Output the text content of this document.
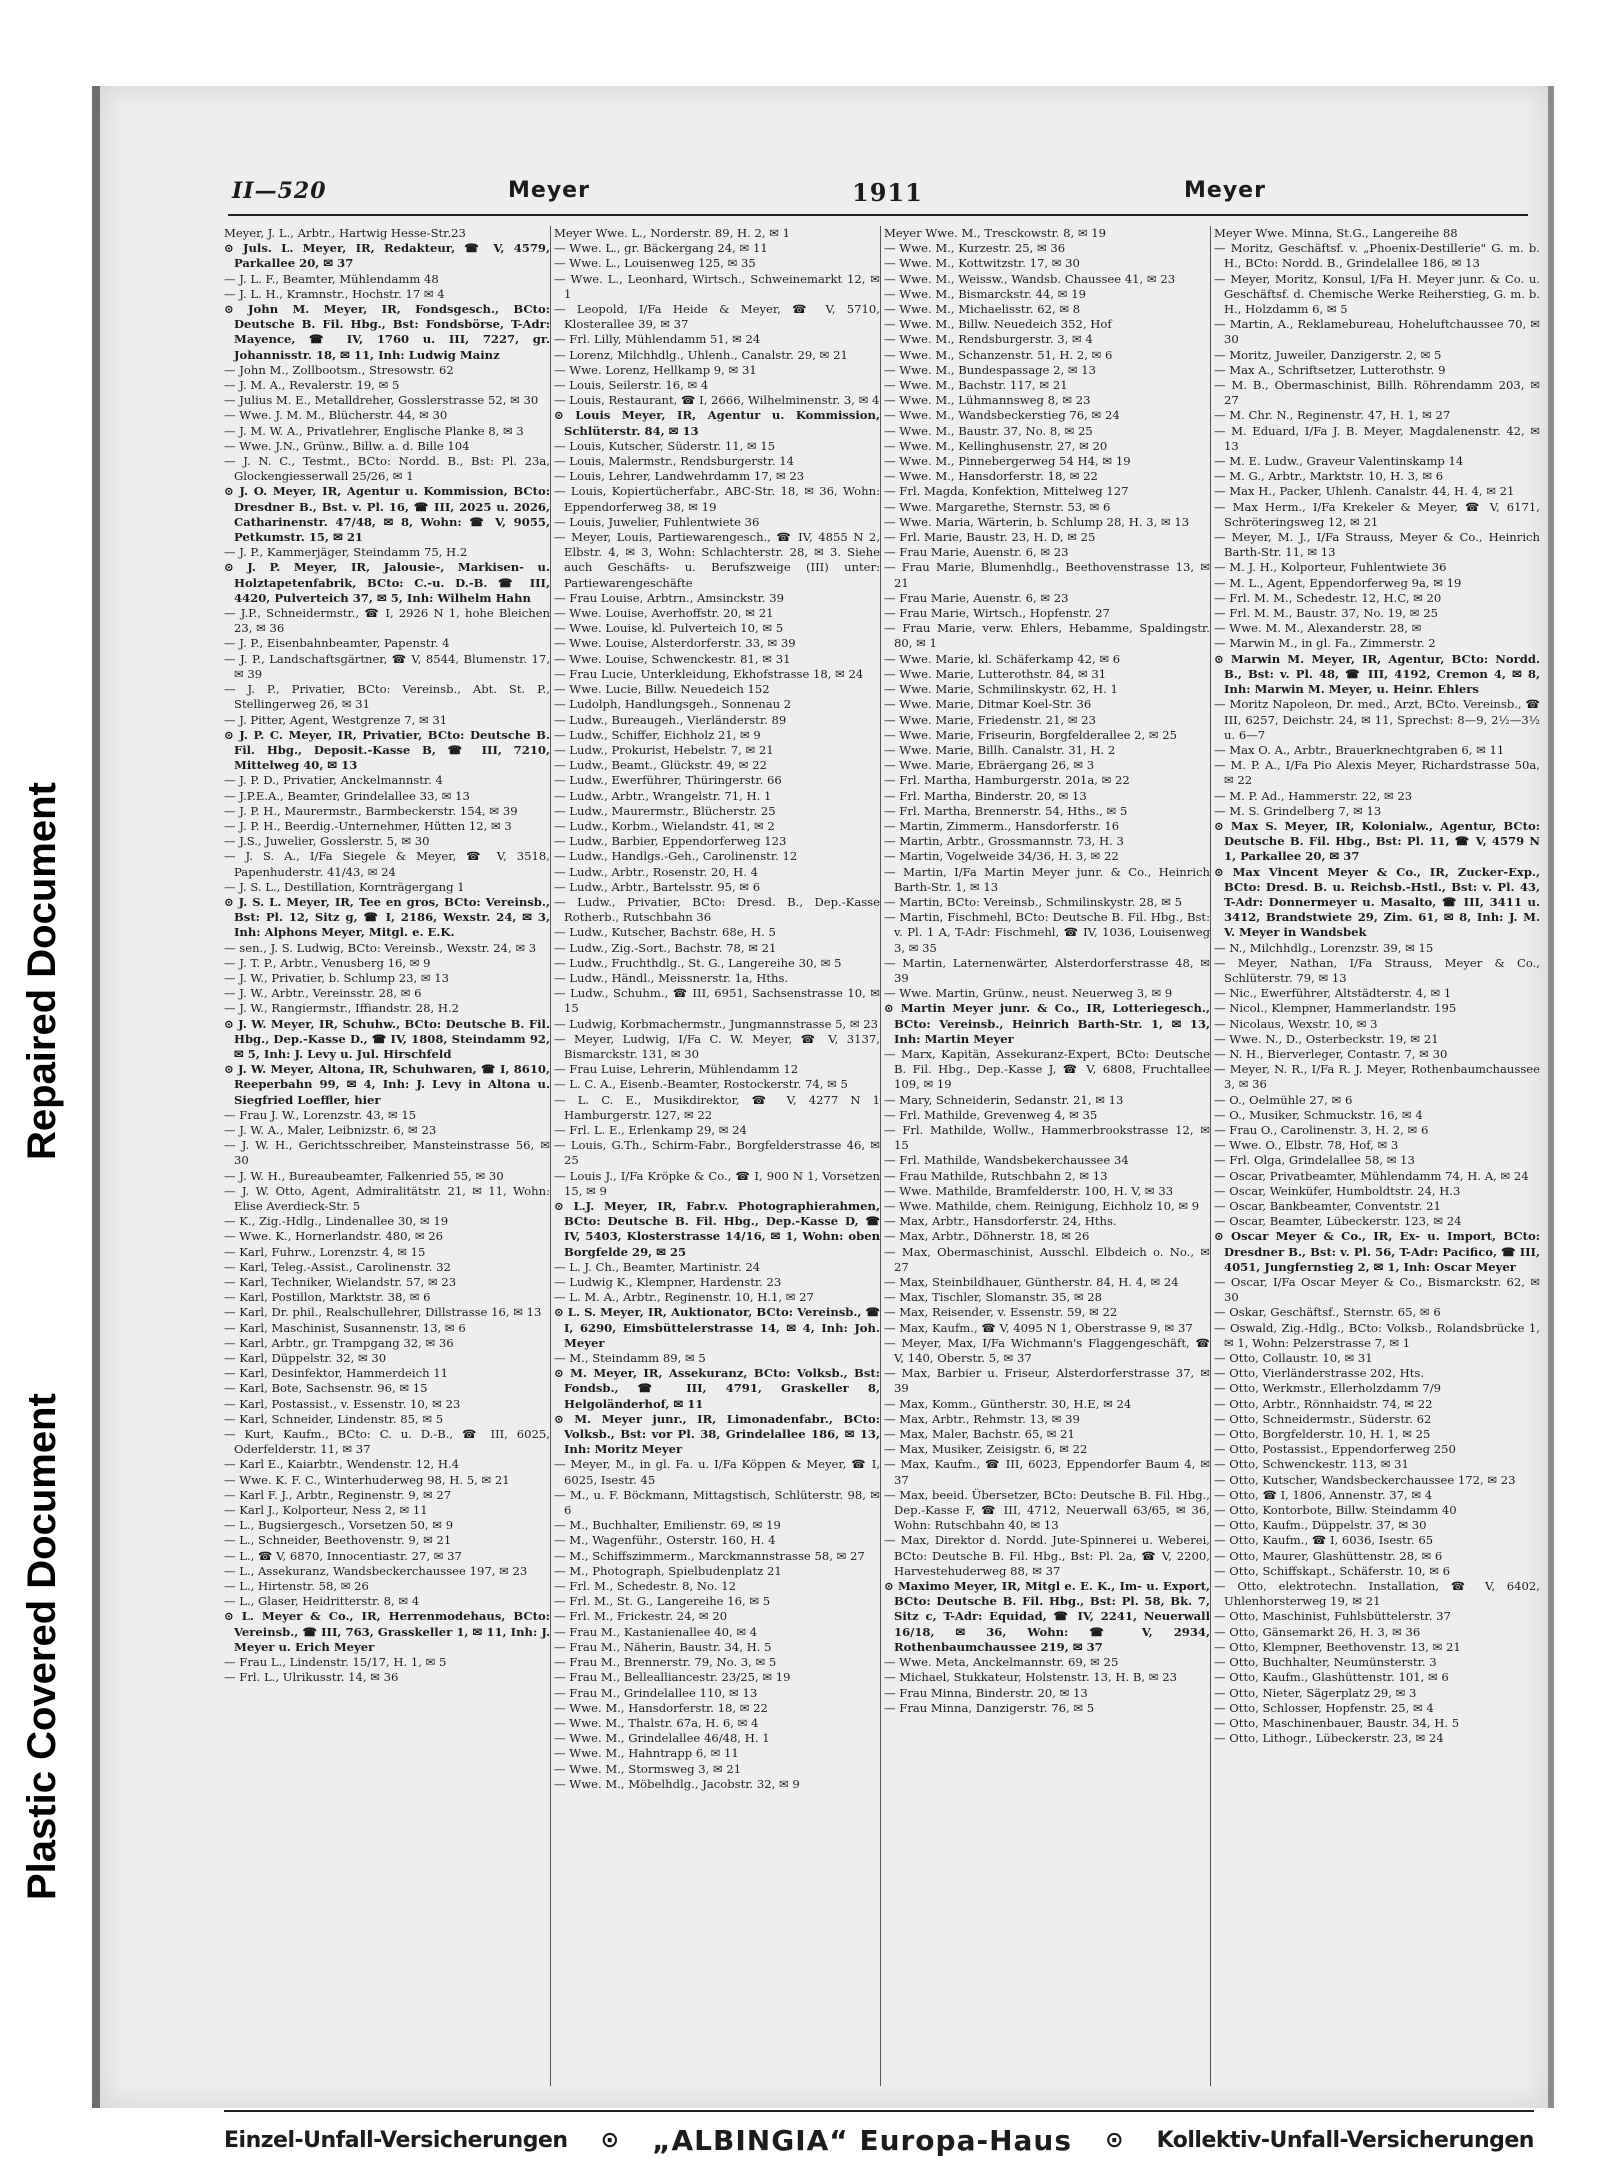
Repaired Document
Plastic Covered Document
II—520	Meyer	1911	Meyer

Meyer, J. L., Arbtr., Hartwig Hesse-Str.23

⊙ Juls. L. Meyer, IR, Redakteur, ☎ V, 4579, Parkallee 20, ✉ 37

— J. L. F., Beamter, Mühlendamm 48

— J. L. H., Kramnstr., Hochstr. 17 ✉ 4

⊙ John M. Meyer, IR, Fondsgesch., BCto: Deutsche B. Fil. Hbg., Bst: Fondsbörse, T-Adr: Mayence, ☎ IV, 1760 u. III, 7227, gr. Johannisstr. 18, ✉ 11, Inh: Ludwig Mainz

— John M., Zollbootsm., Stresowstr. 62

— J. M. A., Revalerstr. 19, ✉ 5

— Julius M. E., Metalldreher, Gosslerstrasse 52, ✉ 30

— Wwe. J. M. M., Blücherstr. 44, ✉ 30

— J. M. W. A., Privatlehrer, Englische Planke 8, ✉ 3

— Wwe. J.N., Grünw., Billw. a. d. Bille 104

— J. N. C., Testmt., BCto: Nordd. B., Bst: Pl. 23a, Glockengiesserwall 25/26, ✉ 1

⊙ J. O. Meyer, IR, Agentur u. Kommission, BCto: Dresdner B., Bst. v. Pl. 16, ☎ III, 2025 u. 2026, Catharinenstr. 47/48, ✉ 8, Wohn: ☎ V, 9055, Petkumstr. 15, ✉ 21

— J. P., Kammerjäger, Steindamm 75, H.2

⊙ J. P. Meyer, IR, Jalousie-, Markisen- u. Holztapetenfabrik, BCto: C.-u. D.-B. ☎ III, 4420, Pulverteich 37, ✉ 5, Inh: Wilhelm Hahn

— J.P., Schneidermstr., ☎ I, 2926 N 1, hohe Bleichen 23, ✉ 36

— J. P., Eisenbahnbeamter, Papenstr. 4

— J. P., Landschaftsgärtner, ☎ V, 8544, Blumenstr. 17, ✉ 39

— J. P., Privatier, BCto: Vereinsb., Abt. St. P., Stellingerweg 26, ✉ 31

— J. Pitter, Agent, Westgrenze 7, ✉ 31

⊙ J. P. C. Meyer, IR, Privatier, BCto: Deutsche B. Fil. Hbg., Deposit.-Kasse B, ☎ III, 7210, Mittelweg 40, ✉ 13

— J. P. D., Privatier, Anckelmannstr. 4

— J.P.E.A., Beamter, Grindelallee 33, ✉ 13

— J. P. H., Maurermstr., Barmbeckerstr. 154, ✉ 39

— J. P. H., Beerdig.-Unternehmer, Hütten 12, ✉ 3

— J.S., Juwelier, Gosslerstr. 5, ✉ 30

— J. S. A., I/Fa Siegele & Meyer, ☎ V, 3518, Papenhuderstr. 41/43, ✉ 24

— J. S. L., Destillation, Kornträgergang 1

⊙ J. S. L. Meyer, IR, Tee en gros, BCto: Vereinsb., Bst: Pl. 12, Sitz g, ☎ I, 2186, Wexstr. 24, ✉ 3, Inh: Alphons Meyer, Mitgl. e. E.K.

— sen., J. S. Ludwig, BCto: Vereinsb., Wexstr. 24, ✉ 3

— J. T. P., Arbtr., Venusberg 16, ✉ 9

— J. W., Privatier, b. Schlump 23, ✉ 13

— J. W., Arbtr., Vereinsstr. 28, ✉ 6

— J. W., Rangiermstr., Iffiandstr. 28, H.2

⊙ J. W. Meyer, IR, Schuhw., BCto: Deutsche B. Fil. Hbg., Dep.-Kasse D., ☎ IV, 1808, Steindamm 92, ✉ 5, Inh: J. Levy u. Jul. Hirschfeld

⊙ J. W. Meyer, Altona, IR, Schuhwaren, ☎ I, 8610, Reeperbahn 99, ✉ 4, Inh: J. Levy in Altona u. Siegfried Loeffler, hier

— Frau J. W., Lorenzstr. 43, ✉ 15

— J. W. A., Maler, Leibnizstr. 6, ✉ 23

— J. W. H., Gerichtsschreiber, Mansteinstrasse 56, ✉ 30

— J. W. H., Bureaubeamter, Falkenried 55, ✉ 30

— J. W. Otto, Agent, Admiralitätstr. 21, ✉ 11, Wohn: Elise Averdieck-Str. 5

— K., Zig.-Hdlg., Lindenallee 30, ✉ 19

— Wwe. K., Hornerlandstr. 480, ✉ 26

— Karl, Fuhrw., Lorenzstr. 4, ✉ 15

— Karl, Teleg.-Assist., Carolinenstr. 32

— Karl, Techniker, Wielandstr. 57, ✉ 23

— Karl, Postillon, Marktstr. 38, ✉ 6

— Karl, Dr. phil., Realschullehrer, Dillstrasse 16, ✉ 13

— Karl, Maschinist, Susannenstr. 13, ✉ 6

— Karl, Arbtr., gr. Trampgang 32, ✉ 36

— Karl, Düppelstr. 32, ✉ 30

— Karl, Desinfektor, Hammerdeich 11

— Karl, Bote, Sachsenstr. 96, ✉ 15

— Karl, Postassist., v. Essenstr. 10, ✉ 23

— Karl, Schneider, Lindenstr. 85, ✉ 5

— Kurt, Kaufm., BCto: C. u. D.-B., ☎ III, 6025, Oderfelderstr. 11, ✉ 37

— Karl E., Kaiarbtr., Wendenstr. 12, H.4

— Wwe. K. F. C., Winterhuderweg 98, H. 5, ✉ 21

— Karl F. J., Arbtr., Reginenstr. 9, ✉ 27

— Karl J., Kolporteur, Ness 2, ✉ 11

— L., Bugsiergesch., Vorsetzen 50, ✉ 9

— L., Schneider, Beethovenstr. 9, ✉ 21

— L., ☎ V, 6870, Innocentiastr. 27, ✉ 37

— L., Assekuranz, Wandsbeckerchaussee 197, ✉ 23

— L., Hirtenstr. 58, ✉ 26

— L., Glaser, Heidritterstr. 8, ✉ 4

⊙ L. Meyer & Co., IR, Herrenmodehaus, BCto: Vereinsb., ☎ III, 763, Grasskeller 1, ✉ 11, Inh: J. Meyer u. Erich Meyer

— Frau L., Lindenstr. 15/17, H. 1, ✉ 5

— Frl. L., Ulrikusstr. 14, ✉ 36

Meyer Wwe. L., Norderstr. 89, H. 2, ✉ 1

— Wwe. L., gr. Bäckergang 24, ✉ 11

— Wwe. L., Louisenweg 125, ✉ 35

— Wwe. L., Leonhard, Wirtsch., Schweinemarkt 12, ✉ 1

— Leopold, I/Fa Heide & Meyer, ☎ V, 5710, Klosterallee 39, ✉ 37

— Frl. Lilly, Mühlendamm 51, ✉ 24

— Lorenz, Milchhdlg., Uhlenh., Canalstr. 29, ✉ 21

— Wwe. Lorenz, Hellkamp 9, ✉ 31

— Louis, Seilerstr. 16, ✉ 4

— Louis, Restaurant, ☎ I, 2666, Wilhelminenstr. 3, ✉ 4

⊙ Louis Meyer, IR, Agentur u. Kommission, Schlüterstr. 84, ✉ 13

— Louis, Kutscher, Süderstr. 11, ✉ 15

— Louis, Malermstr., Rendsburgerstr. 14

— Louis, Lehrer, Landwehrdamm 17, ✉ 23

— Louis, Kopiertücherfabr., ABC-Str. 18, ✉ 36, Wohn: Eppendorferweg 38, ✉ 19

— Louis, Juwelier, Fuhlentwiete 36

— Meyer, Louis, Partiewarengesch., ☎ IV, 4855 N 2, Elbstr. 4, ✉ 3, Wohn: Schlachterstr. 28, ✉ 3. Siehe auch Geschäfts- u. Berufszweige (III) unter: Partiewarengeschäfte

— Frau Louise, Arbtrn., Amsinckstr. 39

— Wwe. Louise, Averhoffstr. 20, ✉ 21

— Wwe. Louise, kl. Pulverteich 10, ✉ 5

— Wwe. Louise, Alsterdorferstr. 33, ✉ 39

— Wwe. Louise, Schwenckestr. 81, ✉ 31

— Frau Lucie, Unterkleidung, Ekhofstrasse 18, ✉ 24

— Wwe. Lucie, Billw. Neuedeich 152

— Ludolph, Handlungsgeh., Sonnenau 2

— Ludw., Bureaugeh., Vierländerstr. 89

— Ludw., Schiffer, Eichholz 21, ✉ 9

— Ludw., Prokurist, Hebelstr. 7, ✉ 21

— Ludw., Beamt., Glückstr. 49, ✉ 22

— Ludw., Ewerführer, Thüringerstr. 66

— Ludw., Arbtr., Wrangelstr. 71, H. 1

— Ludw., Maurermstr., Blücherstr. 25

— Ludw., Korbm., Wielandstr. 41, ✉ 2

— Ludw., Barbier, Eppendorferweg 123

— Ludw., Handlgs.-Geh., Carolinenstr. 12

— Ludw., Arbtr., Rosenstr. 20, H. 4

— Ludw., Arbtr., Bartelsstr. 95, ✉ 6

— Ludw., Privatier, BCto: Dresd. B., Dep.-Kasse Rotherb., Rutschbahn 36

— Ludw., Kutscher, Bachstr. 68e, H. 5

— Ludw., Zig.-Sort., Bachstr. 78, ✉ 21

— Ludw., Fruchthdlg., St. G., Langereihe 30, ✉ 5

— Ludw., Händl., Meissnerstr. 1a, Hths.

— Ludw., Schuhm., ☎ III, 6951, Sachsenstrasse 10, ✉ 15

— Ludwig, Korbmachermstr., Jungmannstrasse 5, ✉ 23

— Meyer, Ludwig, I/Fa C. W. Meyer, ☎ V, 3137, Bismarckstr. 131, ✉ 30

— Frau Luise, Lehrerin, Mühlendamm 12

— L. C. A., Eisenb.-Beamter, Rostockerstr. 74, ✉ 5

— L. C. E., Musikdirektor, ☎ V, 4277 N 1 Hamburgerstr. 127, ✉ 22

— Frl. L. E., Erlenkamp 29, ✉ 24

— Louis, G.Th., Schirm-Fabr., Borgfelderstrasse 46, ✉ 25

— Louis J., I/Fa Kröpke & Co., ☎ I, 900 N 1, Vorsetzen 15, ✉ 9

⊙ L.J. Meyer, IR, Fabr.v. Photographierahmen, BCto: Deutsche B. Fil. Hbg., Dep.-Kasse D, ☎ IV, 5403, Klosterstrasse 14/16, ✉ 1, Wohn: oben Borgfelde 29, ✉ 25

— L. J. Ch., Beamter, Martinistr. 24

— Ludwig K., Klempner, Hardenstr. 23

— L. M. A., Arbtr., Reginenstr. 10, H.1, ✉ 27

⊙ L. S. Meyer, IR, Auktionator, BCto: Vereinsb., ☎ I, 6290, Eimsbüttelerstrasse 14, ✉ 4, Inh: Joh. Meyer

— M., Steindamm 89, ✉ 5

⊙ M. Meyer, IR, Assekuranz, BCto: Volksb., Bst: Fondsb., ☎ III, 4791, Graskeller 8, Helgoländerhof, ✉ 11

⊙ M. Meyer junr., IR, Limonadenfabr., BCto: Volksb., Bst: vor Pl. 38, Grindelallee 186, ✉ 13, Inh: Moritz Meyer

— Meyer, M., in gl. Fa. u. I/Fa Köppen & Meyer, ☎ I, 6025, Isestr. 45

— M., u. F. Böckmann, Mittagstisch, Schlüterstr. 98, ✉ 6

— M., Buchhalter, Emilienstr. 69, ✉ 19

— M., Wagenführ., Osterstr. 160, H. 4

— M., Schiffszimmerm., Marckmannstrasse 58, ✉ 27

— M., Photograph, Spielbudenplatz 21

— Frl. M., Schedestr. 8, No. 12

— Frl. M., St. G., Langereihe 16, ✉ 5

— Frl. M., Frickestr. 24, ✉ 20

— Frau M., Kastanienallee 40, ✉ 4

— Frau M., Näherin, Baustr. 34, H. 5

— Frau M., Brennerstr. 79, No. 3, ✉ 5

— Frau M., Bellealliancestr. 23/25, ✉ 19

— Frau M., Grindelallee 110, ✉ 13

— Wwe. M., Hansdorferstr. 18, ✉ 22

— Wwe. M., Thalstr. 67a, H. 6, ✉ 4

— Wwe. M., Grindelallee 46/48, H. 1

— Wwe. M., Hahntrapp 6, ✉ 11

— Wwe. M., Stormsweg 3, ✉ 21

— Wwe. M., Möbelhdlg., Jacobstr. 32, ✉ 9

Meyer Wwe. M., Tresckowstr. 8, ✉ 19

— Wwe. M., Kurzestr. 25, ✉ 36

— Wwe. M., Kottwitzstr. 17, ✉ 30

— Wwe. M., Weissw., Wandsb. Chaussee 41, ✉ 23

— Wwe. M., Bismarckstr. 44, ✉ 19

— Wwe. M., Michaelisstr. 62, ✉ 8

— Wwe. M., Billw. Neuedeich 352, Hof

— Wwe. M., Rendsburgerstr. 3, ✉ 4

— Wwe. M., Schanzenstr. 51, H. 2, ✉ 6

— Wwe. M., Bundespassage 2, ✉ 13

— Wwe. M., Bachstr. 117, ✉ 21

— Wwe. M., Lühmannsweg 8, ✉ 23

— Wwe. M., Wandsbeckerstieg 76, ✉ 24

— Wwe. M., Baustr. 37, No. 8, ✉ 25

— Wwe. M., Kellinghusenstr. 27, ✉ 20

— Wwe. M., Pinnebergerweg 54 H4, ✉ 19

— Wwe. M., Hansdorferstr. 18, ✉ 22

— Frl. Magda, Konfektion, Mittelweg 127

— Wwe. Margarethe, Sternstr. 53, ✉ 6

— Wwe. Maria, Wärterin, b. Schlump 28, H. 3, ✉ 13

— Frl. Marie, Baustr. 23, H. D, ✉ 25

— Frau Marie, Auenstr. 6, ✉ 23

— Frau Marie, Blumenhdlg., Beethovenstrasse 13, ✉ 21

— Frau Marie, Auenstr. 6, ✉ 23

— Frau Marie, Wirtsch., Hopfenstr. 27

— Frau Marie, verw. Ehlers, Hebamme, Spaldingstr. 80, ✉ 1

— Wwe. Marie, kl. Schäferkamp 42, ✉ 6

— Wwe. Marie, Lutterothstr. 84, ✉ 31

— Wwe. Marie, Schmilinskystr. 62, H. 1

— Wwe. Marie, Ditmar Koel-Str. 36

— Wwe. Marie, Friedenstr. 21, ✉ 23

— Wwe. Marie, Friseurin, Borgfelderallee 2, ✉ 25

— Wwe. Marie, Billh. Canalstr. 31, H. 2

— Wwe. Marie, Ebräergang 26, ✉ 3

— Frl. Martha, Hamburgerstr. 201a, ✉ 22

— Frl. Martha, Binderstr. 20, ✉ 13

— Frl. Martha, Brennerstr. 54, Hths., ✉ 5

— Martin, Zimmerm., Hansdorferstr. 16

— Martin, Arbtr., Grossmannstr. 73, H. 3

— Martin, Vogelweide 34/36, H. 3, ✉ 22

— Martin, I/Fa Martin Meyer junr. & Co., Heinrich Barth-Str. 1, ✉ 13

— Martin, BCto: Vereinsb., Schmilinskystr. 28, ✉ 5

— Martin, Fischmehl, BCto: Deutsche B. Fil. Hbg., Bst: v. Pl. 1 A, T-Adr: Fischmehl, ☎ IV, 1036, Louisenweg 3, ✉ 35

— Martin, Laternenwärter, Alsterdorferstrasse 48, ✉ 39

— Wwe. Martin, Grünw., neust. Neuerweg 3, ✉ 9

⊙ Martin Meyer junr. & Co., IR, Lotteriegesch., BCto: Vereinsb., Heinrich Barth-Str. 1, ✉ 13, Inh: Martin Meyer

— Marx, Kapitän, Assekuranz-Expert, BCto: Deutsche B. Fil. Hbg., Dep.-Kasse J, ☎ V, 6808, Fruchtallee 109, ✉ 19

— Mary, Schneiderin, Sedanstr. 21, ✉ 13

— Frl. Mathilde, Grevenweg 4, ✉ 35

— Frl. Mathilde, Wollw., Hammerbrookstrasse 12, ✉ 15

— Frl. Mathilde, Wandsbekerchaussee 34

— Frau Mathilde, Rutschbahn 2, ✉ 13

— Wwe. Mathilde, Bramfelderstr. 100, H. V, ✉ 33

— Wwe. Mathilde, chem. Reinigung, Eichholz 10, ✉ 9

— Max, Arbtr., Hansdorferstr. 24, Hths.

— Max, Arbtr., Döhnerstr. 18, ✉ 26

— Max, Obermaschinist, Ausschl. Elbdeich o. No., ✉ 27

— Max, Steinbildhauer, Güntherstr. 84, H. 4, ✉ 24

— Max, Tischler, Slomanstr. 35, ✉ 28

— Max, Reisender, v. Essenstr. 59, ✉ 22

— Max, Kaufm., ☎ V, 4095 N 1, Oberstrasse 9, ✉ 37

— Meyer, Max, I/Fa Wichmann's Flaggengeschäft, ☎ V, 140, Oberstr. 5, ✉ 37

— Max, Barbier u. Friseur, Alsterdorferstrasse 37, ✉ 39

— Max, Komm., Güntherstr. 30, H.E, ✉ 24

— Max, Arbtr., Rehmstr. 13, ✉ 39

— Max, Maler, Bachstr. 65, ✉ 21

— Max, Musiker, Zeisigstr. 6, ✉ 22

— Max, Kaufm., ☎ III, 6023, Eppendorfer Baum 4, ✉ 37

— Max, beeid. Übersetzer, BCto: Deutsche B. Fil. Hbg., Dep.-Kasse F, ☎ III, 4712, Neuerwall 63/65, ✉ 36, Wohn: Rutschbahn 40, ✉ 13

— Max, Direktor d. Nordd. Jute-Spinnerei u. Weberei, BCto: Deutsche B. Fil. Hbg., Bst: Pl. 2a, ☎ V, 2200, Harvestehuderweg 88, ✉ 37

⊙ Maximo Meyer, IR, Mitgl e. E. K., Im- u. Export, BCto: Deutsche B. Fil. Hbg., Bst: Pl. 58, Bk. 7, Sitz c, T-Adr: Equidad, ☎ IV, 2241, Neuerwall 16/18, ✉ 36, Wohn: ☎ V, 2934, Rothenbaumchaussee 219, ✉ 37

— Wwe. Meta, Anckelmannstr. 69, ✉ 25

— Michael, Stukkateur, Holstenstr. 13, H. B, ✉ 23

— Frau Minna, Binderstr. 20, ✉ 13

— Frau Minna, Danzigerstr. 76, ✉ 5

Meyer Wwe. Minna, St.G., Langereihe 88

— Moritz, Geschäftsf. v. „Phoenix-Destillerie" G. m. b. H., BCto: Nordd. B., Grindelallee 186, ✉ 13

— Meyer, Moritz, Konsul, I/Fa H. Meyer junr. & Co. u. Geschäftsf. d. Chemische Werke Reiherstieg, G. m. b. H., Holzdamm 6, ✉ 5

— Martin, A., Reklamebureau, Hoheluftchaussee 70, ✉ 30

— Moritz, Juweiler, Danzigerstr. 2, ✉ 5

— Max A., Schriftsetzer, Lutterothstr. 9

— M. B., Obermaschinist, Billh. Röhrendamm 203, ✉ 27

— M. Chr. N., Reginenstr. 47, H. 1, ✉ 27

— M. Eduard, I/Fa J. B. Meyer, Magdalenenstr. 42, ✉ 13

— M. E. Ludw., Graveur Valentinskamp 14

— M. G., Arbtr., Marktstr. 10, H. 3, ✉ 6

— Max H., Packer, Uhlenh. Canalstr. 44, H. 4, ✉ 21

— Max Herm., I/Fa Krekeler & Meyer, ☎ V, 6171, Schröteringsweg 12, ✉ 21

— Meyer, M. J., I/Fa Strauss, Meyer & Co., Heinrich Barth-Str. 11, ✉ 13

— M. J. H., Kolporteur, Fuhlentwiete 36

— M. L., Agent, Eppendorferweg 9a, ✉ 19

— Frl. M. M., Schedestr. 12, H.C, ✉ 20

— Frl. M. M., Baustr. 37, No. 19, ✉ 25

— Wwe. M. M., Alexanderstr. 28, ✉

— Marwin M., in gl. Fa., Zimmerstr. 2

⊙ Marwin M. Meyer, IR, Agentur, BCto: Nordd. B., Bst: v. Pl. 48, ☎ III, 4192, Cremon 4, ✉ 8, Inh: Marwin M. Meyer, u. Heinr. Ehlers

— Moritz Napoleon, Dr. med., Arzt, BCto. Vereinsb., ☎ III, 6257, Deichstr. 24, ✉ 11, Sprechst: 8—9, 2½—3½ u. 6—7

— Max O. A., Arbtr., Brauerknechtgraben 6, ✉ 11

— M. P. A., I/Fa Pio Alexis Meyer, Richardstrasse 50a, ✉ 22

— M. P. Ad., Hammerstr. 22, ✉ 23

— M. S. Grindelberg 7, ✉ 13

⊙ Max S. Meyer, IR, Kolonialw., Agentur, BCto: Deutsche B. Fil. Hbg., Bst: Pl. 11, ☎ V, 4579 N 1, Parkallee 20, ✉ 37

⊙ Max Vincent Meyer & Co., IR, Zucker-Exp., BCto: Dresd. B. u. Reichsb.-Hstl., Bst: v. Pl. 43, T-Adr: Donnermeyer u. Masalto, ☎ III, 3411 u. 3412, Brandstwiete 29, Zim. 61, ✉ 8, Inh: J. M. V. Meyer in Wandsbek

— N., Milchhdlg., Lorenzstr. 39, ✉ 15

— Meyer, Nathan, I/Fa Strauss, Meyer & Co., Schlüterstr. 79, ✉ 13

— Nic., Ewerführer, Altstädterstr. 4, ✉ 1

— Nicol., Klempner, Hammerlandstr. 195

— Nicolaus, Wexstr. 10, ✉ 3

— Wwe. N., D., Osterbeckstr. 19, ✉ 21

— N. H., Bierverleger, Contastr. 7, ✉ 30

— Meyer, N. R., I/Fa R. J. Meyer, Rothenbaumchaussee 3, ✉ 36

— O., Oelmühle 27, ✉ 6

— O., Musiker, Schmuckstr. 16, ✉ 4

— Frau O., Carolinenstr. 3, H. 2, ✉ 6

— Wwe. O., Elbstr. 78, Hof, ✉ 3

— Frl. Olga, Grindelallee 58, ✉ 13

— Oscar, Privatbeamter, Mühlendamm 74, H. A, ✉ 24

— Oscar, Weinküfer, Humboldtstr. 24, H.3

— Oscar, Bankbeamter, Conventstr. 21

— Oscar, Beamter, Lübeckerstr. 123, ✉ 24

⊙ Oscar Meyer & Co., IR, Ex- u. Import, BCto: Dresdner B., Bst: v. Pl. 56, T-Adr: Pacifico, ☎ III, 4051, Jungfernstieg 2, ✉ 1, Inh: Oscar Meyer

— Oscar, I/Fa Oscar Meyer & Co., Bismarckstr. 62, ✉ 30

— Oskar, Geschäftsf., Sternstr. 65, ✉ 6

— Oswald, Zig.-Hdlg., BCto: Volksb., Rolandsbrücke 1, ✉ 1, Wohn: Pelzerstrasse 7, ✉ 1

— Otto, Collaustr. 10, ✉ 31

— Otto, Vierländerstrasse 202, Hts.

— Otto, Werkmstr., Ellerholzdamm 7/9

— Otto, Arbtr., Rönnhaidstr. 74, ✉ 22

— Otto, Schneidermstr., Süderstr. 62

— Otto, Borgfelderstr. 10, H. 1, ✉ 25

— Otto, Postassist., Eppendorferweg 250

— Otto, Schwenckestr. 113, ✉ 31

— Otto, Kutscher, Wandsbeckerchaussee 172, ✉ 23

— Otto, ☎ I, 1806, Annenstr. 37, ✉ 4

— Otto, Kontorbote, Billw. Steindamm 40

— Otto, Kaufm., Düppelstr. 37, ✉ 30

— Otto, Kaufm., ☎ I, 6036, Isestr. 65

— Otto, Maurer, Glashüttenstr. 28, ✉ 6

— Otto, Schiffskapt., Schäferstr. 10, ✉ 6

— Otto, elektrotechn. Installation, ☎ V, 6402, Uhlenhorsterweg 19, ✉ 21

— Otto, Maschinist, Fuhlsbüttelerstr. 37

— Otto, Gänsemarkt 26, H. 3, ✉ 36

— Otto, Klempner, Beethovenstr. 13, ✉ 21

— Otto, Buchhalter, Neumünsterstr. 3

— Otto, Kaufm., Glashüttenstr. 101, ✉ 6

— Otto, Nieter, Sägerplatz 29, ✉ 3

— Otto, Schlosser, Hopfenstr. 25, ✉ 4

— Otto, Maschinenbauer, Baustr. 34, H. 5

— Otto, Lithogr., Lübeckerstr. 23, ✉ 24

Einzel-Unfall-Versicherungen	⊙	„ALBINGIA“ Europa-Haus	⊙	Kollektiv-Unfall-Versicherungen
